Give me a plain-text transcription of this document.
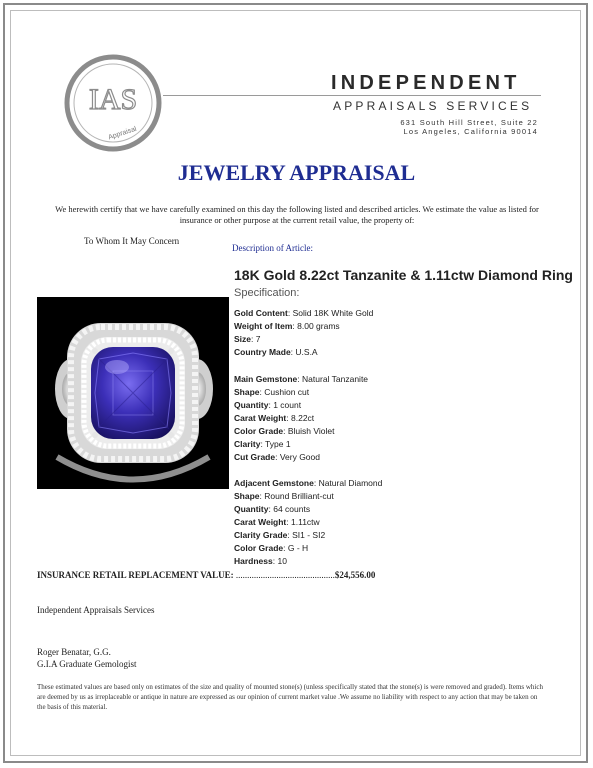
IAS
Appraisal
INDEPENDENT
APPRAISALS SERVICES
631 South Hill Street, Suite 22
Los Angeles, California 90014
JEWELRY APPRAISAL
We herewith certify that we have carefully examined on this day the following listed and described articles. We estimate the value as listed for insurance or other purpose at the current retail value, the property of:
To Whom It May Concern
Description of Article:
18K Gold 8.22ct Tanzanite & 1.11ctw Diamond Ring
Specification:
Gold Content: Solid 18K White Gold
Weight of Item: 8.00 grams
Size: 7
Country Made: U.S.A
Main Gemstone: Natural Tanzanite
Shape: Cushion cut
Quantity: 1 count
Carat Weight: 8.22ct
Color Grade: Bluish Violet
Clarity: Type 1
Cut Grade: Very Good
Adjacent Gemstone: Natural Diamond
Shape: Round Brilliant-cut
Quantity: 64 counts
Carat Weight: 1.11ctw
Clarity Grade: SI1 - SI2
Color Grade: G - H
Hardness: 10
INSURANCE RETAIL REPLACEMENT VALUE: ............................................$24,556.00
Independent Appraisals Services
Roger Benatar, G.G.
G.I.A Graduate Gemologist
These estimated values are based only on estimates of the size and quality of mounted stone(s) (unless specifically stated that the stone(s) is were removed and graded). Items which are deemed by us as irreplaceable or antique in nature are expressed as our opinion of current market value .We assume no liability with respect to any action that may be taken on the basis of this material.
